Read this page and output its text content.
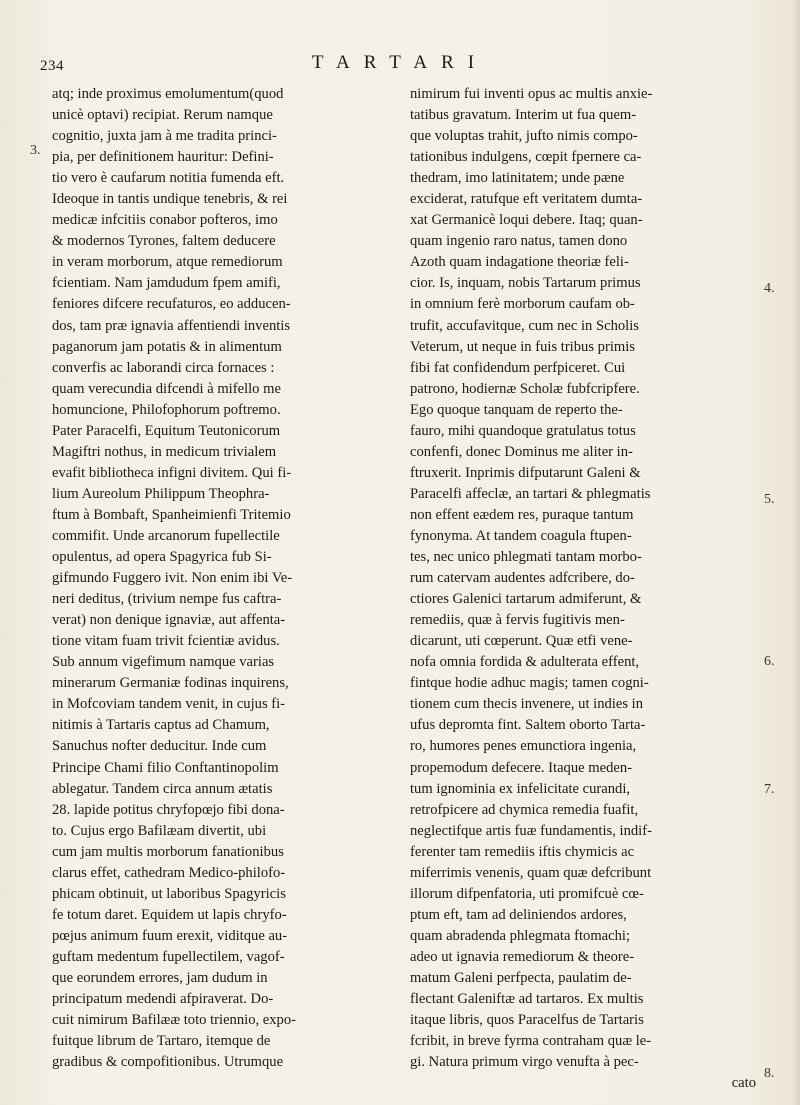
234	TARTARI
atq; inde proximus emolumentum(quod
unicè optavi) recipiat. Rerum namque
cognitio, juxta jam à me tradita princi-
pia, per definitionem hauritur: Defini-
tio vero è caufarum notitia fumenda eft.
Ideoque in tantis undique tenebris, & rei
medicæ infcitiis conabor pofteros, imo
& modernos Tyrones, faltem deducere
in veram morborum, atque remediorum
fcientiam. Nam jamdudum fpem amifi,
feniores difcere recufaturos, eo adducen-
dos, tam præ ignavia affentiendi inventis
paganorum jam potatis & in alimentum
converfis ac laborandi circa fornaces :
quam verecundia difcendi à mifello me
homuncione, Philofophorum poftremo.
Pater Paracelfi, Equitum Teutonicorum
Magiftri nothus, in medicum trivialem
evafit bibliotheca infigni divitem. Qui fi-
lium Aureolum Philippum Theophra-
ftum à Bombaft, Spanheimienfi Tritemio
commifit. Unde arcanorum fupellectile
opulentus, ad opera Spagyrica fub Si-
gifmundo Fuggero ivit. Non enim ibi Ve-
neri deditus, (trivium nempe fus caftra-
verat) non denique ignaviæ, aut affenta-
tione vitam fuam trivit fcientiæ avidus.
Sub annum vigefimum namque varias
minerarum Germaniæ fodinas inquirens,
in Mofcoviam tandem venit, in cujus fi-
nitimis à Tartaris captus ad Chamum,
Sanuchus nofter deducitur. Inde cum
Principe Chami filio Conftantinopolim
ablegatur. Tandem circa annum ætatis
28. lapide potitus chryfopœjo fibi dona-
to. Cujus ergo Bafilæam divertit, ubi
cum jam multis morborum fanationibus
clarus effet, cathedram Medico-philofo-
phicam obtinuit, ut laboribus Spagyricis
fe totum daret. Equidem ut lapis chryfo-
pœjus animum fuum erexit, viditque au-
guftam medentum fupellectilem, vagof-
que eorundem errores, jam dudum in
principatum medendi afpiraverat. Do-
cuit nimirum Bafilææ toto triennio, expo-
fuitque librum de Tartaro, itemque de
gradibus & compofitionibus. Utrumque
nimirum fui inventi opus ac multis anxie-
tatibus gravatum. Interim ut fua quem-
que voluptas trahit, jufto nimis compo-
tationibus indulgens, cœpit fpernere ca-
thedram, imo latinitatem; unde pæne
exciderat, ratufque eft veritatem dumta-
xat Germanicè loqui debere. Itaq; quan-
quam ingenio raro natus, tamen dono
Azoth quam indagatione theoriæ feli-
cior. Is, inquam, nobis Tartarum primus
in omnium ferè morborum caufam ob-
trufit, accufavitque, cum nec in Scholis
Veterum, ut neque in fuis tribus primis
fibi fat confidendum perfpiceret. Cui
patrono, hodiernæ Scholæ fubfcripfere.
Ego quoque tanquam de reperto the-
fauro, mihi quandoque gratulatus totus
confenfi, donec Dominus me aliter in-
ftruxerit. Inprimis difputarunt Galeni &
Paracelfi affeclæ, an tartari & phlegmatis
non effent eædem res, puraque tantum
fynonyma. At tandem coagula ftupen-
tes, nec unico phlegmati tantam morbo-
rum catervam audentes adfcribere, do-
ctiores Galenici tartarum admiferunt, &
remediis, quæ à fervis fugitivis men-
dicarunt, uti cœperunt. Quæ etfi vene-
nofa omnia fordida & adulterata effent,
fintque hodie adhuc magis; tamen cogni-
tionem cum thecis invenere, ut indies in
ufus depromta fint. Saltem oborto Tarta-
ro, humores penes emunctiora ingenia,
propemodum defecere. Itaque meden-
tum ignominia ex infelicitate curandi,
retrofpicere ad chymica remedia fuafit,
neglectifque artis fuæ fundamentis, indif-
ferenter tam remediis iftis chymicis ac
miferrimis venenis, quam quæ defcribunt
illorum difpenfatoria, uti promifcuè cœ-
ptum eft, tam ad deliniendos ardores,
quam abradenda phlegmata ftomachi;
adeo ut ignavia remediorum & theore-
matum Galeni perfpecta, paulatim de-
flectant Galeniftæ ad tartaros. Ex multis
itaque libris, quos Paracelfus de Tartaris
fcribit, in breve fyrma contraham quæ le-
gi. Natura primum virgo venufta à pec-
cato
3.
4.
5.
6.
7.
8.
